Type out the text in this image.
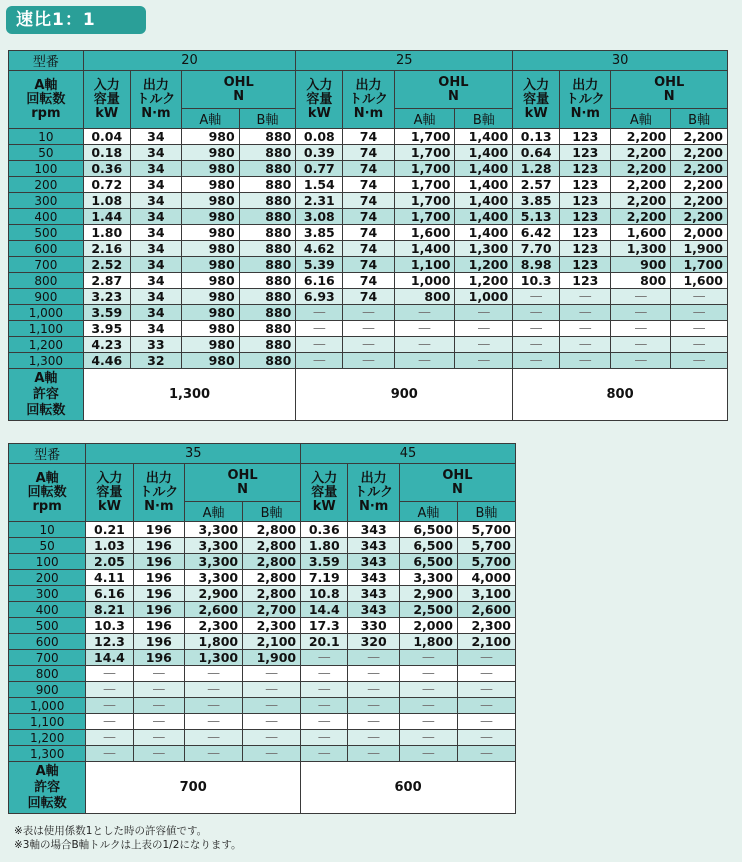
速比1：1
型番	20				25				30			
A軸
回転数
rpm	入力
容量
kW	出力
トルク
N·m	OHL
N		入力
容量
kW	出力
トルク
N·m	OHL
N		入力
容量
kW	出力
トルク
N·m	OHL
N	
			A軸	B軸			A軸	B軸			A軸	B軸
10	0.04	34	980	880	0.08	74	1,700	1,400	0.13	123	2,200	2,200
50	0.18	34	980	880	0.39	74	1,700	1,400	0.64	123	2,200	2,200
100	0.36	34	980	880	0.77	74	1,700	1,400	1.28	123	2,200	2,200
200	0.72	34	980	880	1.54	74	1,700	1,400	2.57	123	2,200	2,200
300	1.08	34	980	880	2.31	74	1,700	1,400	3.85	123	2,200	2,200
400	1.44	34	980	880	3.08	74	1,700	1,400	5.13	123	2,200	2,200
500	1.80	34	980	880	3.85	74	1,600	1,400	6.42	123	1,600	2,000
600	2.16	34	980	880	4.62	74	1,400	1,300	7.70	123	1,300	1,900
700	2.52	34	980	880	5.39	74	1,100	1,200	8.98	123	900	1,700
800	2.87	34	980	880	6.16	74	1,000	1,200	10.3	123	800	1,600
900	3.23	34	980	880	6.93	74	800	1,000	—	—	—	—
1,000	3.59	34	980	880	—	—	—	—	—	—	—	—
1,100	3.95	34	980	880	—	—	—	—	—	—	—	—
1,200	4.23	33	980	880	—	—	—	—	—	—	—	—
1,300	4.46	32	980	880	—	—	—	—	—	—	—	—
A軸
許容
回転数	1,300				900				800			
型番	35				45			
A軸
回転数
rpm	入力
容量
kW	出力
トルク
N·m	OHL
N		入力
容量
kW	出力
トルク
N·m	OHL
N	
			A軸	B軸			A軸	B軸
10	0.21	196	3,300	2,800	0.36	343	6,500	5,700
50	1.03	196	3,300	2,800	1.80	343	6,500	5,700
100	2.05	196	3,300	2,800	3.59	343	6,500	5,700
200	4.11	196	3,300	2,800	7.19	343	3,300	4,000
300	6.16	196	2,900	2,800	10.8	343	2,900	3,100
400	8.21	196	2,600	2,700	14.4	343	2,500	2,600
500	10.3	196	2,300	2,300	17.3	330	2,000	2,300
600	12.3	196	1,800	2,100	20.1	320	1,800	2,100
700	14.4	196	1,300	1,900	—	—	—	—
800	—	—	—	—	—	—	—	—
900	—	—	—	—	—	—	—	—
1,000	—	—	—	—	—	—	—	—
1,100	—	—	—	—	—	—	—	—
1,200	—	—	—	—	—	—	—	—
1,300	—	—	—	—	—	—	—	—
A軸
許容
回転数	700				600			
※表は使用係数1とした時の許容値です。
※3軸の場合B軸トルクは上表の1/2になります。
